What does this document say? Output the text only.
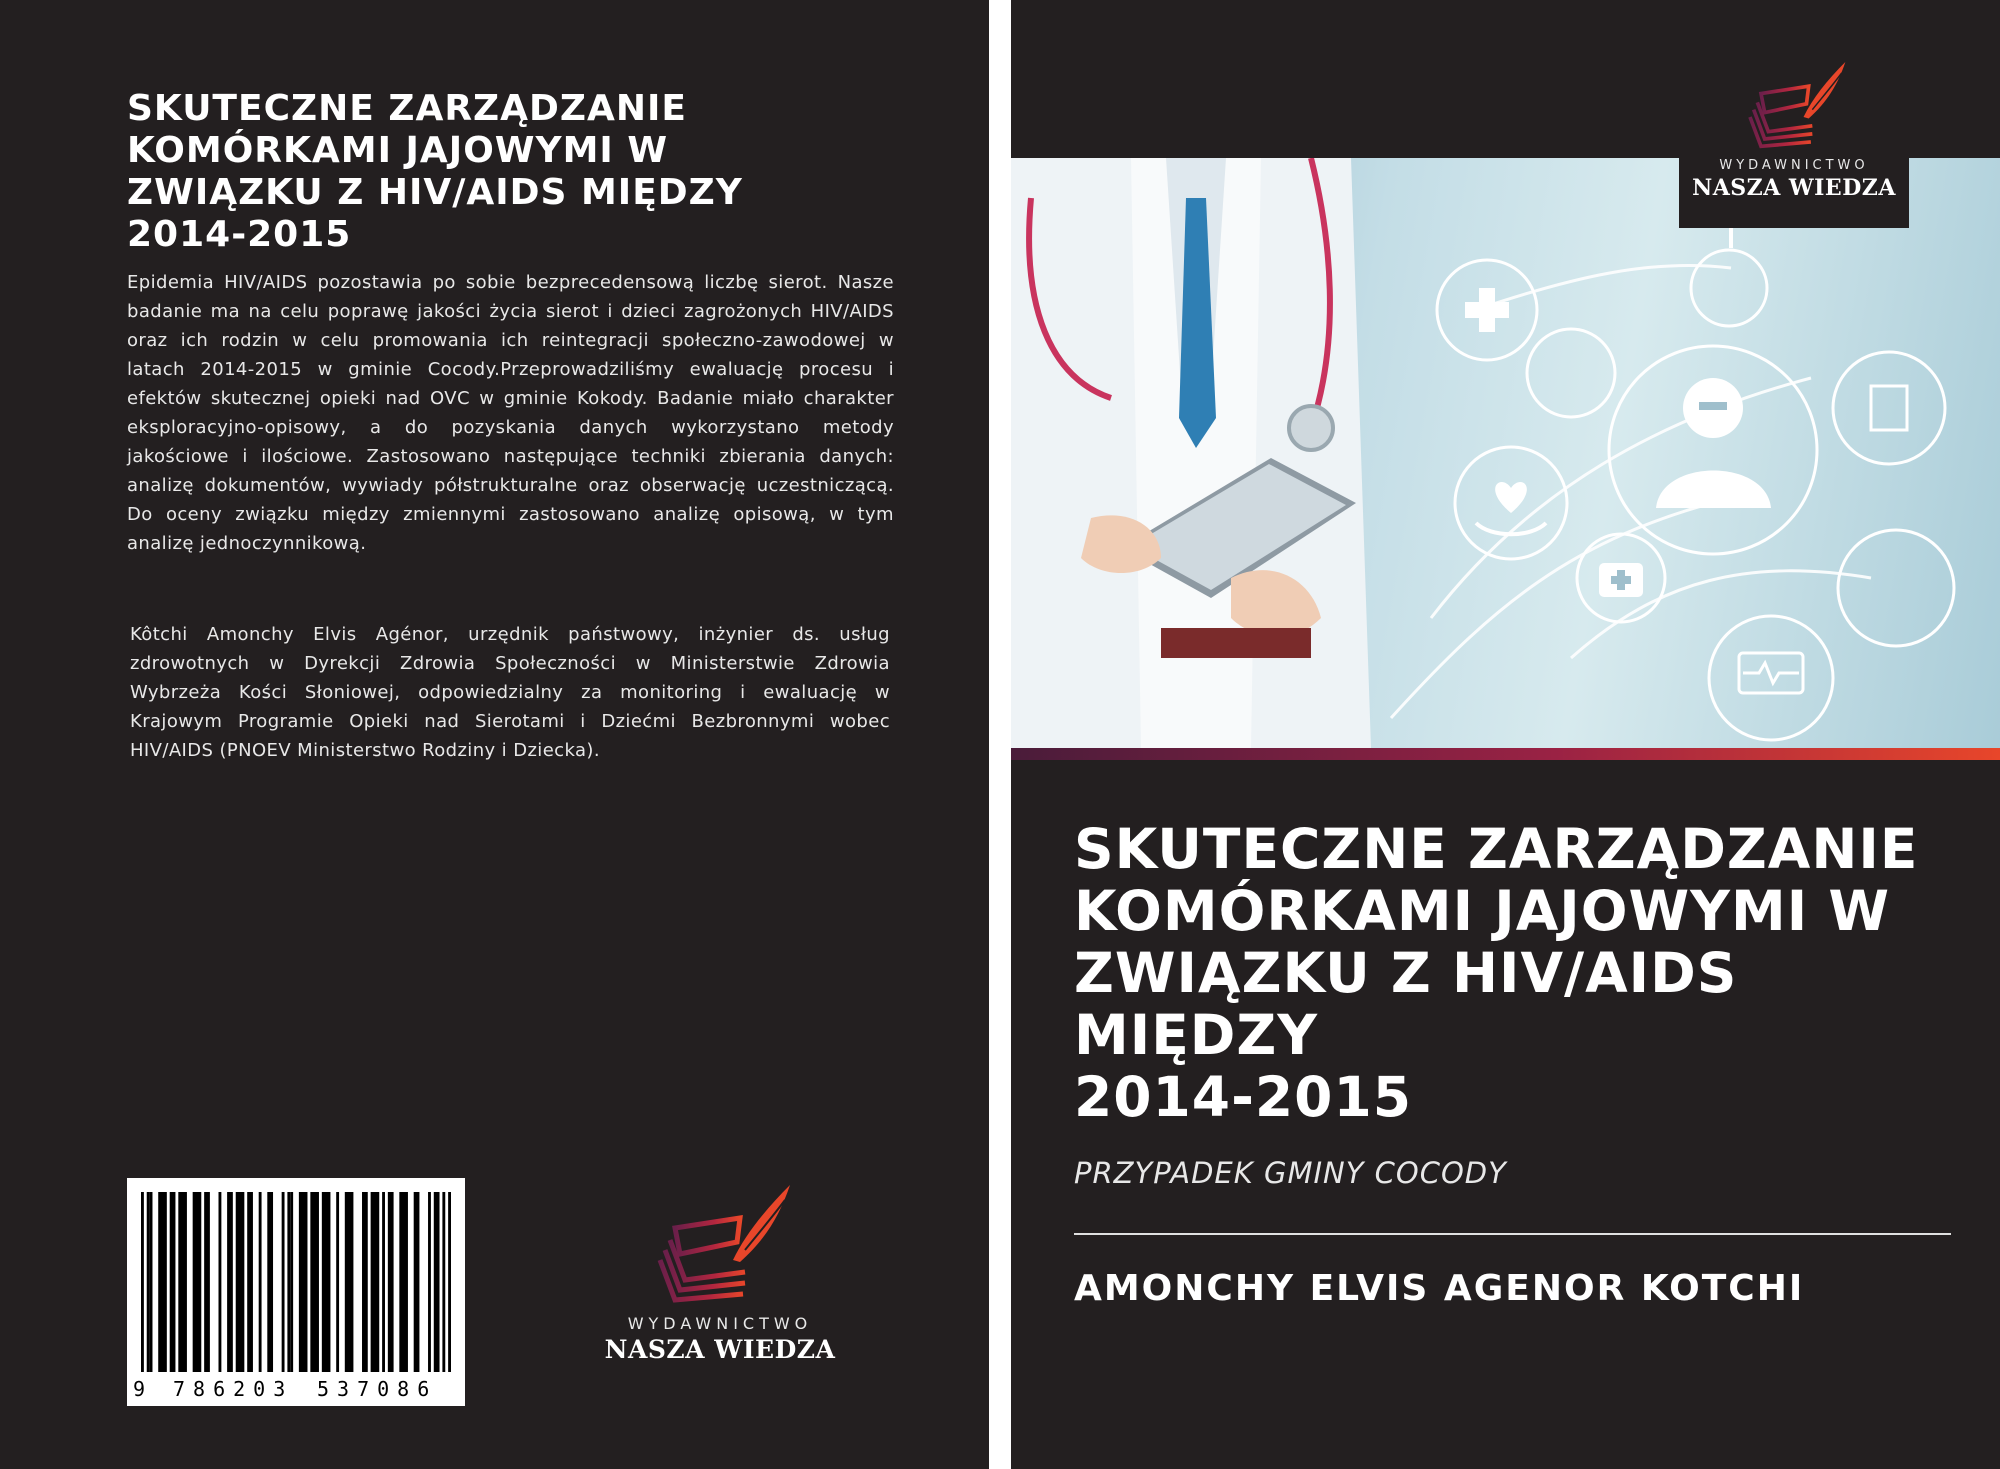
SKUTECZNE ZARZĄDZANIE
KOMÓRKAMI JAJOWYMI W
ZWIĄZKU Z HIV/AIDS MIĘDZY
2014-2015
Epidemia HIV/AIDS pozostawia po sobie bezprecedensową liczbę sierot. Nasze badanie ma na celu poprawę jakości życia sierot i dzieci zagrożonych HIV/AIDS oraz ich rodzin w celu promowania ich reintegracji społeczno-zawodowej w latach 2014-2015 w gminie Cocody.Przeprowadziliśmy ewaluację procesu i efektów skutecznej opieki nad OVC w gminie Kokody. Badanie miało charakter eksploracyjno-opisowy, a do pozyskania danych wykorzystano metody jakościowe i ilościowe. Zastosowano następujące techniki zbierania danych: analizę dokumentów, wywiady półstrukturalne oraz obserwację uczestniczącą. Do oceny związku między zmiennymi zastosowano analizę opisową, w tym analizę jednoczynnikową.
Kôtchi Amonchy Elvis Agénor, urzędnik państwowy, inżynier ds. usług zdrowotnych w Dyrekcji Zdrowia Społeczności w Ministerstwie Zdrowia Wybrzeża Kości Słoniowej, odpowiedzialny za monitoring i ewaluację w Krajowym Programie Opieki nad Sierotami i Dziećmi Bezbronnymi wobec HIV/AIDS (PNOEV Ministerstwo Rodziny i Dziecka).
9 786203 537086
WYDAWNICTWO
NASZA WIEDZA
WYDAWNICTWO
NASZA WIEDZA
SKUTECZNE ZARZĄDZANIE
KOMÓRKAMI JAJOWYMI W
ZWIĄZKU Z HIV/AIDS
MIĘDZY
2014-2015
PRZYPADEK GMINY COCODY
AMONCHY ELVIS AGENOR KOTCHI
